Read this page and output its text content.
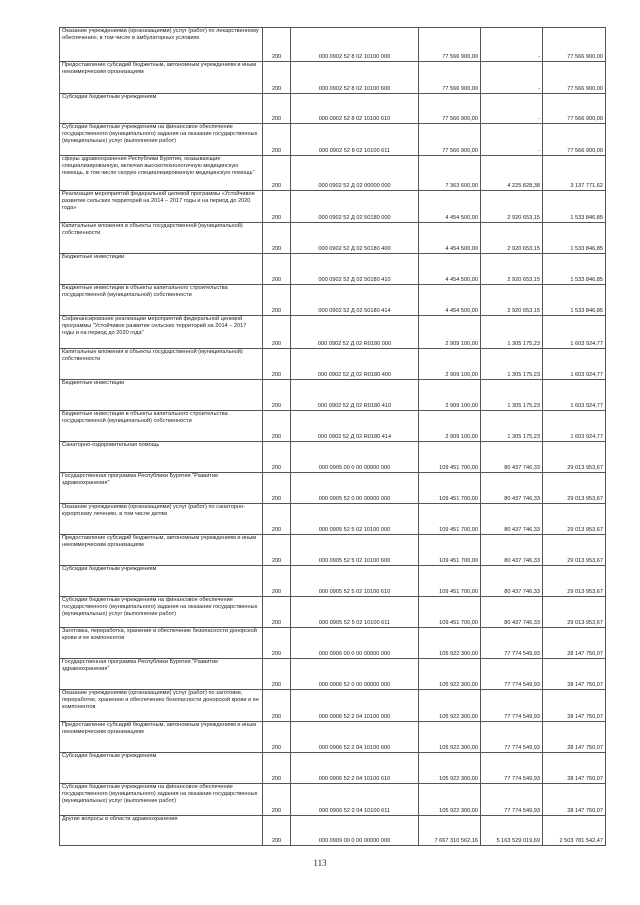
Оказание учреждениями (организациями) услуг (работ) по лекарственному обеспечению, в том числе в амбулаторных условиях	200	000 0902 52 8 02 10100 000	77 566 900,00	-	77 566 900,00
Предоставление субсидий бюджетным, автономным учреждениям и иным некоммерческим организациям	200	000 0902 52 8 02 10100 600	77 566 900,00	-	77 566 900,00
Субсидии бюджетным учреждениям	200	000 0902 52 8 02 10100 610	77 566 900,00	-	77 566 900,00
Субсидии бюджетным учреждениям на финансовое обеспечение государственного (муниципального) задания на оказание государственных (муниципальных) услуг (выполнение работ)	200	000 0902 52 8 02 10100 611	77 566 900,00	-	77 566 900,00
сферы здравоохранения Республики Бурятия, оказывающие специализированную, включая высокотехнологичную медицинскую помощь, в том числе скорую специализированную медицинскую помощь"	200	000 0902 52 Д 02 00000 000	7 363 600,00	4 225 828,38	3 137 771,62
Реализация мероприятий федеральной целевой программы «Устойчивое развитие сельских территорий на 2014 – 2017 годы и на период до 2020 года»	200	000 0902 52 Д 02 50180 000	4 454 500,00	2 920 653,15	1 533 846,85
Капитальные вложения в объекты государственной (муниципальной) собственности	200	000 0902 52 Д 02 50180 400	4 454 500,00	2 920 653,15	1 533 846,85
Бюджетные инвестиции	200	000 0902 52 Д 02 50180 410	4 454 500,00	2 920 653,15	1 533 846,85
Бюджетные инвестиции в объекты капитального строительства государственной (муниципальной) собственности	200	000 0902 52 Д 02 50180 414	4 454 500,00	2 920 653,15	1 533 846,85
Софинансирование реализации мероприятий федеральной целевой программы "Устойчивое развитие сельских территорий на 2014 – 2017 годы и на период до 2020 года"	200	000 0902 52 Д 02 R0180 000	2 909 100,00	1 305 175,23	1 603 924,77
Капитальные вложения в объекты государственной (муниципальной) собственности	200	000 0902 52 Д 02 R0180 400	2 909 100,00	1 305 175,23	1 603 924,77
Бюджетные инвестиции	200	000 0902 52 Д 02 R0180 410	2 909 100,00	1 305 175,23	1 603 924,77
Бюджетные инвестиции в объекты капитального строительства государственной (муниципальной) собственности	200	000 0902 52 Д 02 R0180 414	2 909 100,00	1 305 175,23	1 603 924,77
Санаторно-оздоровительная помощь	200	000 0905 00 0 00 00000 000	109 451 700,00	80 437 746,33	29 013 953,67
Государственная программа Республики Бурятия "Развитие здравоохранения"	200	000 0905 52 0 00 00000 000	109 451 700,00	80 437 746,33	29 013 953,67
Оказание учреждениями (организациями) услуг (работ) по санаторно-курортному лечению, в том числе детям	200	000 0905 52 5 02 10100 000	109 451 700,00	80 437 746,33	29 013 953,67
Предоставление субсидий бюджетным, автономным учреждениям и иным некоммерческим организациям	200	000 0905 52 5 02 10100 600	109 451 700,00	80 437 746,33	29 013 953,67
Субсидии бюджетным учреждениям	200	000 0905 52 5 02 10100 610	109 451 700,00	80 437 746,33	29 013 953,67
Субсидии бюджетным учреждениям на финансовое обеспечение государственного (муниципального) задания на оказание государственных (муниципальных) услуг (выполнение работ)	200	000 0905 52 5 02 10100 611	109 451 700,00	80 437 746,33	29 013 953,67
Заготовка, переработка, хранение и обеспечение безопасности донорской крови и ее компонентов	200	000 0906 00 0 00 00000 000	105 922 300,00	77 774 549,93	28 147 750,07
Государственная программа Республики Бурятия "Развитие здравоохранения"	200	000 0906 52 0 00 00000 000	105 922 300,00	77 774 549,93	28 147 750,07
Оказание учреждениями (организациями) услуг (работ) по заготовке, переработке, хранению и обеспечению безопасности донорской крови и ее компонентов	200	000 0906 52 2 04 10100 000	105 922 300,00	77 774 549,93	28 147 750,07
Предоставление субсидий бюджетным, автономным учреждениям и иным некоммерческим организациям	200	000 0906 52 2 04 10100 600	105 922 300,00	77 774 549,93	28 147 750,07
Субсидии бюджетным учреждениям	200	000 0906 52 2 04 10100 610	105 922 300,00	77 774 549,93	28 147 750,07
Субсидии бюджетным учреждениям на финансовое обеспечение государственного (муниципального) задания на оказание государственных (муниципальных) услуг (выполнение работ)	200	000 0906 52 2 04 10100 611	105 922 300,00	77 774 549,93	28 147 750,07
Другие вопросы в области здравоохранения	200	000 0909 00 0 00 00000 000	7 667 310 562,16	5 163 529 019,69	2 503 781 542,47
113
